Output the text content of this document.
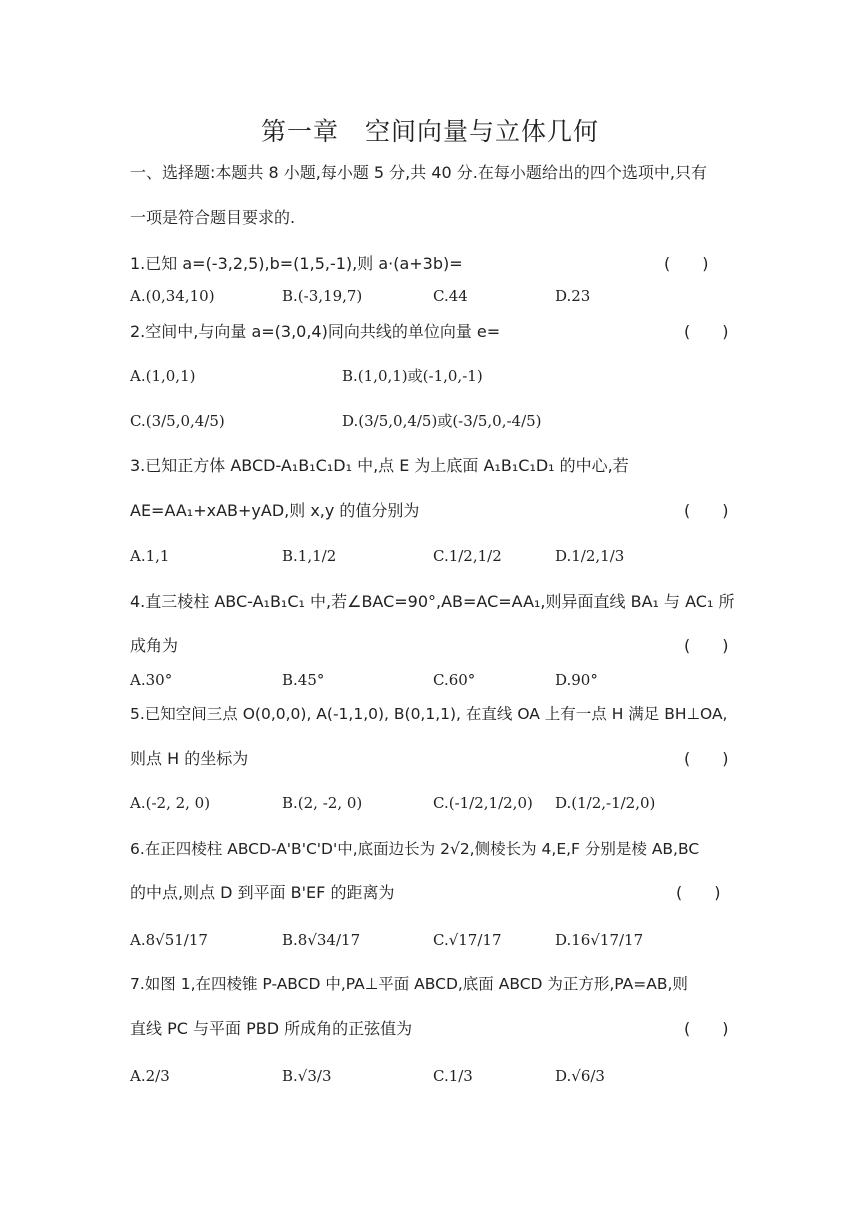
第一章　空间向量与立体几何
一、选择题:本题共 8 小题,每小题 5 分,共 40 分.在每小题给出的四个选项中,只有
一项是符合题目要求的.
1.已知 a=(-3,2,5),b=(1,5,-1),则 a·(a+3b)=	(　　)
A.(0,34,10)	B.(-3,19,7)	C.44	D.23
2.空间中,与向量 a=(3,0,4)同向共线的单位向量 e=	(　　)
A.(1,0,1)	B.(1,0,1)或(-1,0,-1)
C.(3/5,0,4/5)	D.(3/5,0,4/5)或(-3/5,0,-4/5)
3.已知正方体 ABCD-A₁B₁C₁D₁ 中,点 E 为上底面 A₁B₁C₁D₁ 的中心,若
AE=AA₁+xAB+yAD,则 x,y 的值分别为	(　　)
A.1,1	B.1,1/2	C.1/2,1/2	D.1/2,1/3
4.直三棱柱 ABC-A₁B₁C₁ 中,若∠BAC=90°,AB=AC=AA₁,则异面直线 BA₁ 与 AC₁ 所
成角为	(　　)
A.30°	B.45°	C.60°	D.90°
5.已知空间三点 O(0,0,0), A(-1,1,0), B(0,1,1), 在直线 OA 上有一点 H 满足 BH⊥OA,
则点 H 的坐标为	(　　)
A.(-2, 2, 0)	B.(2, -2, 0)	C.(-1/2,1/2,0) D.(1/2,-1/2,0)
6.在正四棱柱 ABCD-A'B'C'D'中,底面边长为 2√2,侧棱长为 4,E,F 分别是棱 AB,BC
的中点,则点 D 到平面 B'EF 的距离为	(　　)
A.8√51/17	B.8√34/17	C.√17/17	D.16√17/17
7.如图 1,在四棱锥 P-ABCD 中,PA⊥平面 ABCD,底面 ABCD 为正方形,PA=AB,则
直线 PC 与平面 PBD 所成角的正弦值为	(　　)
A.2/3	B.√3/3	C.1/3	D.√6/3
